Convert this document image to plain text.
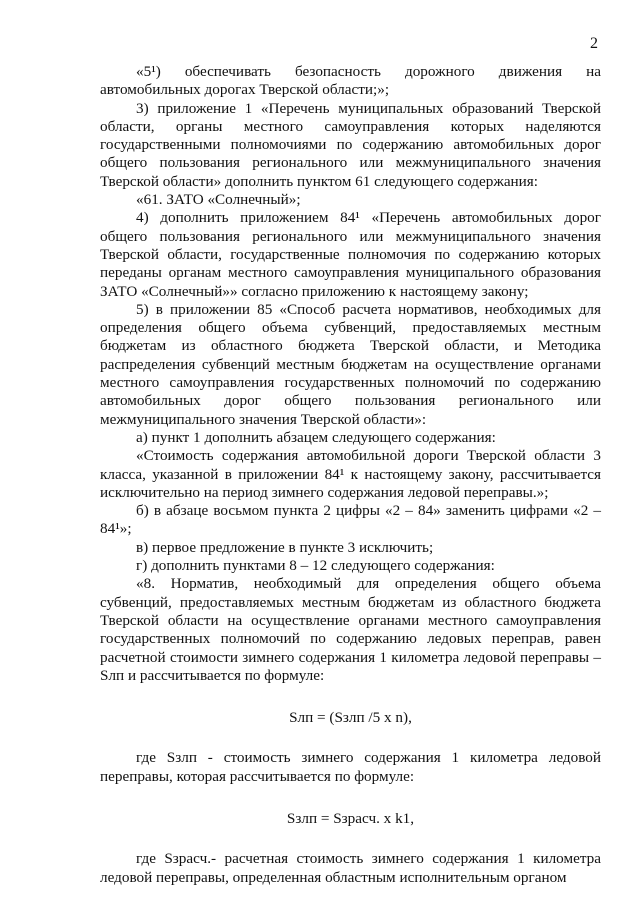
2

«5¹) обеспечивать безопасность дорожного движения на автомобильных дорогах Тверской области;»;

3) приложение 1 «Перечень муниципальных образований Тверской области, органы местного самоуправления которых наделяются государственными полномочиями по содержанию автомобильных дорог общего пользования регионального или межмуниципального значения Тверской области» дополнить пунктом 61 следующего содержания:

«61. ЗАТО «Солнечный»;

4) дополнить приложением 84¹ «Перечень автомобильных дорог общего пользования регионального или межмуниципального значения Тверской области, государственные полномочия по содержанию которых переданы органам местного самоуправления муниципального образования ЗАТО «Солнечный»» согласно приложению к настоящему закону;

5) в приложении 85 «Способ расчета нормативов, необходимых для определения общего объема субвенций, предоставляемых местным бюджетам из областного бюджета Тверской области, и Методика распределения субвенций местным бюджетам на осуществление органами местного самоуправления государственных полномочий по содержанию автомобильных дорог общего пользования регионального или межмуниципального значения Тверской области»:

а) пункт 1 дополнить абзацем следующего содержания:

«Стоимость содержания автомобильной дороги Тверской области 3 класса, указанной в приложении 84¹ к настоящему закону, рассчитывается исключительно на период зимнего содержания ледовой переправы.»;

б) в абзаце восьмом пункта 2 цифры «2 – 84» заменить цифрами «2 – 84¹»;

в) первое предложение в пункте 3 исключить;

г) дополнить пунктами 8 – 12 следующего содержания:

«8. Норматив, необходимый для определения общего объема субвенций, предоставляемых местным бюджетам из областного бюджета Тверской области на осуществление органами местного самоуправления государственных полномочий по содержанию ледовых переправ, равен расчетной стоимости зимнего содержания 1 километра ледовой переправы – Sлп и рассчитывается по формуле:

Sлп = (Sзлп /5 x n),

где Sзлп - стоимость зимнего содержания 1 километра ледовой переправы, которая рассчитывается по формуле:

Sзлп = Sзрасч. x k1,

где Sзрасч.- расчетная стоимость зимнего содержания 1 километра ледовой переправы, определенная областным исполнительным органом
